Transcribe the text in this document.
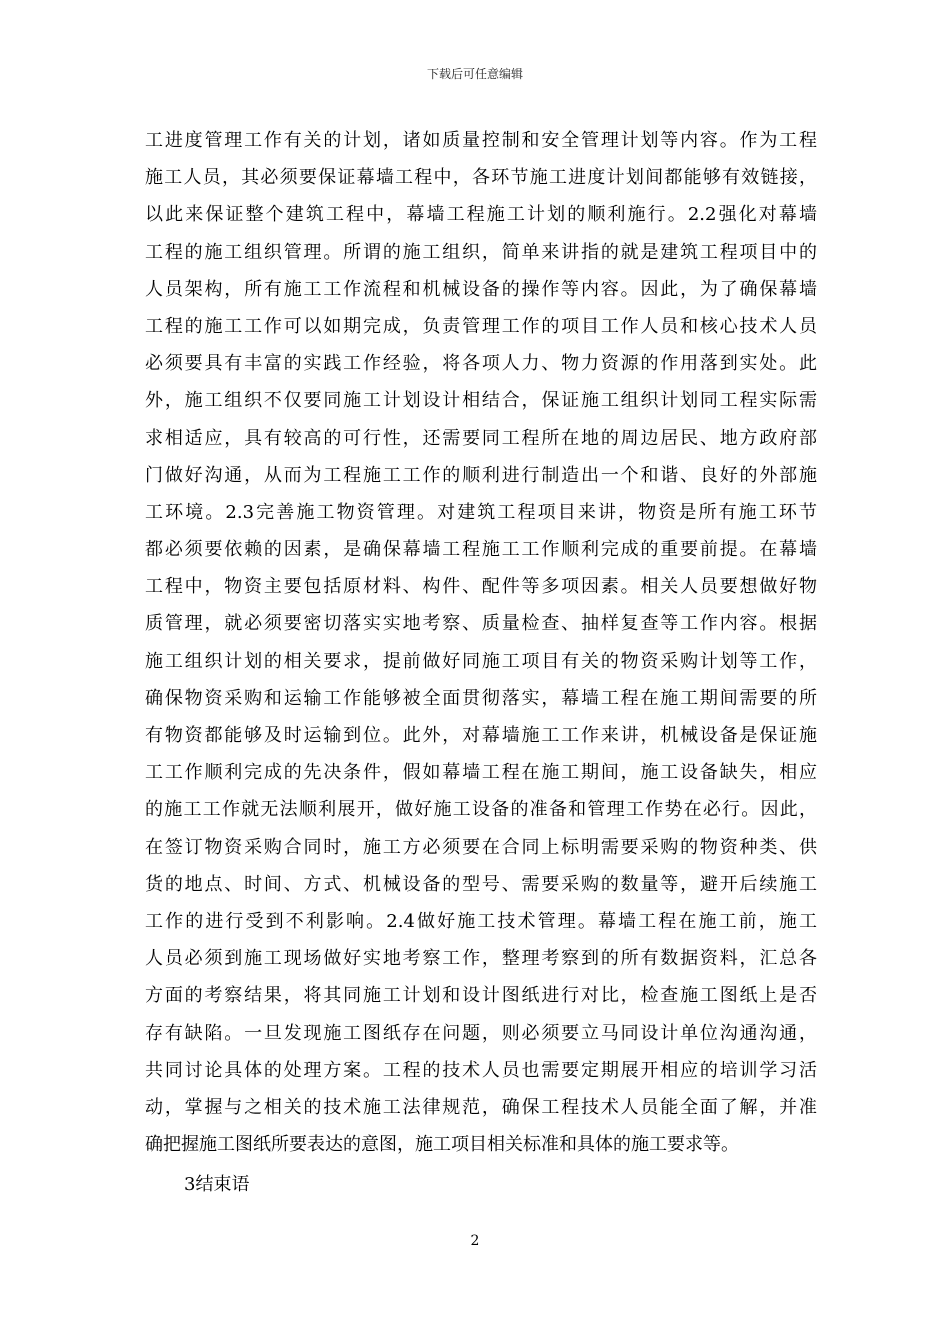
下载后可任意编辑
工进度管理工作有关的计划，诸如质量控制和安全管理计划等内容。作为工程
施工人员，其必须要保证幕墙工程中，各环节施工进度计划间都能够有效链接，
以此来保证整个建筑工程中，幕墙工程施工计划的顺利施行。2.2强化对幕墙
工程的施工组织管理。所谓的施工组织，简单来讲指的就是建筑工程项目中的
人员架构，所有施工工作流程和机械设备的操作等内容。因此，为了确保幕墙
工程的施工工作可以如期完成，负责管理工作的项目工作人员和核心技术人员
必须要具有丰富的实践工作经验，将各项人力、物力资源的作用落到实处。此
外，施工组织不仅要同施工计划设计相结合，保证施工组织计划同工程实际需
求相适应，具有较高的可行性，还需要同工程所在地的周边居民、地方政府部
门做好沟通，从而为工程施工工作的顺利进行制造出一个和谐、良好的外部施
工环境。2.3完善施工物资管理。对建筑工程项目来讲，物资是所有施工环节
都必须要依赖的因素，是确保幕墙工程施工工作顺利完成的重要前提。在幕墙
工程中，物资主要包括原材料、构件、配件等多项因素。相关人员要想做好物
质管理，就必须要密切落实实地考察、质量检查、抽样复查等工作内容。根据
施工组织计划的相关要求，提前做好同施工项目有关的物资采购计划等工作，
确保物资采购和运输工作能够被全面贯彻落实，幕墙工程在施工期间需要的所
有物资都能够及时运输到位。此外，对幕墙施工工作来讲，机械设备是保证施
工工作顺利完成的先决条件，假如幕墙工程在施工期间，施工设备缺失，相应
的施工工作就无法顺利展开，做好施工设备的准备和管理工作势在必行。因此，
在签订物资采购合同时，施工方必须要在合同上标明需要采购的物资种类、供
货的地点、时间、方式、机械设备的型号、需要采购的数量等，避开后续施工
工作的进行受到不利影响。2.4做好施工技术管理。幕墙工程在施工前，施工
人员必须到施工现场做好实地考察工作，整理考察到的所有数据资料，汇总各
方面的考察结果，将其同施工计划和设计图纸进行对比，检查施工图纸上是否
存有缺陷。一旦发现施工图纸存在问题，则必须要立马同设计单位沟通沟通，
共同讨论具体的处理方案。工程的技术人员也需要定期展开相应的培训学习活
动，掌握与之相关的技术施工法律规范，确保工程技术人员能全面了解，并准
确把握施工图纸所要表达的意图，施工项目相关标准和具体的施工要求等。
3结束语
2
